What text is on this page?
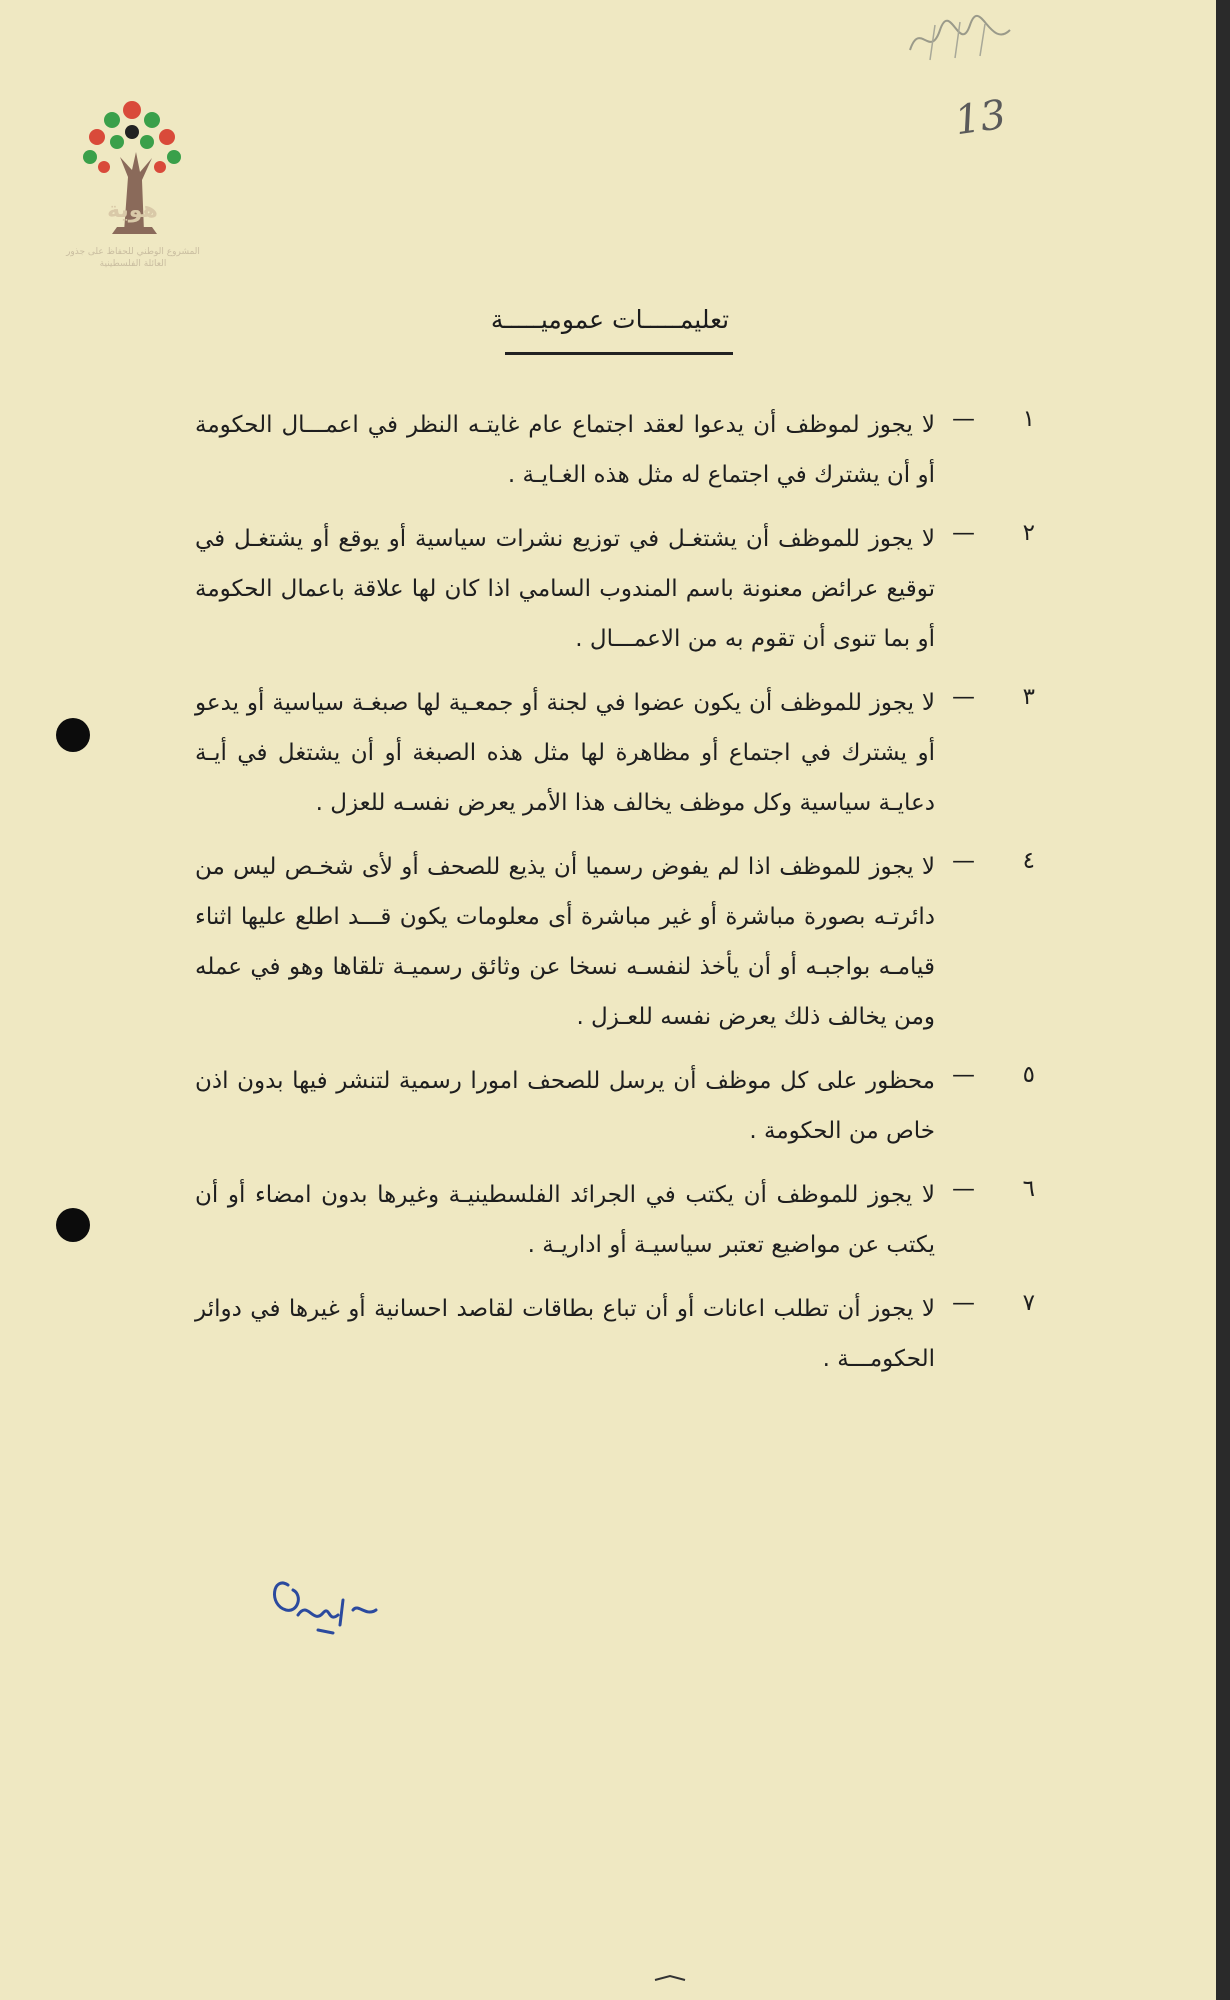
13
هوية
المشروع الوطني للحفاظ على جذور العائلة الفلسطينية
تعليمـــــات عموميـــــة
١
—
لا يجوز لموظف أن يدعوا لعقد اجتماع عام غايتـه النظر في اعمـــال الحكومة أو أن يشترك في اجتماع له مثل هذه الغـايـة .
٢
—
لا يجوز للموظف أن يشتغـل في توزيع نشرات سياسية أو يوقع أو يشتغـل في توقيع عرائض معنونة باسم المندوب السامي اذا كان لها علاقة باعمال الحكومة أو بما تنوى أن تقوم به من الاعمـــال .
٣
—
لا يجوز للموظف أن يكون عضوا في لجنة أو جمعـية لها صبغـة سياسية أو يدعو أو يشترك في اجتماع أو مظاهرة لها مثل هذه الصبغة أو أن يشتغل في أيـة دعايـة سياسية وكل موظف يخالف هذا الأمر يعرض نفسـه للعزل .
٤
—
لا يجوز للموظف اذا لم يفوض رسميا أن يذيع للصحف أو لأى شخـص ليس من دائرتـه بصورة مباشرة أو غير مباشرة أى معلومات يكون قـــد اطلع عليها اثناء قيامـه بواجبـه أو أن يأخذ لنفسـه نسخا عن وثائق رسميـة تلقاها وهو في عمله ومن يخالف ذلك يعرض نفسه للعـزل .
٥
—
محظور على كل موظف أن يرسل للصحف امورا رسمية لتنشر فيها بدون اذن خاص من الحكومة .
٦
—
لا يجوز للموظف أن يكتب في الجرائد الفلسطينيـة وغيرها بدون امضاء أو أن يكتب عن مواضيع تعتبر سياسيـة أو اداريـة .
٧
—
لا يجوز أن تطلب اعانات أو أن تباع بطاقات لقاصد احسانية أو غيرها في دوائر الحكومـــة .
